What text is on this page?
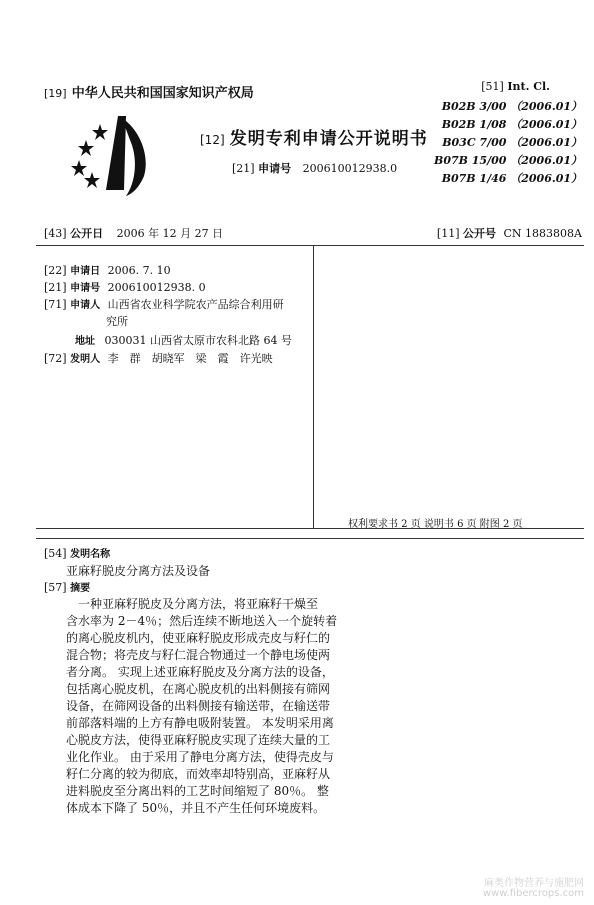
[19] 中华人民共和国国家知识产权局
[12] 发明专利申请公开说明书
[21] 申请号 200610012938.0
[51] Int. Cl.
B02B 3/00 （2006.01）
B02B 1/08 （2006.01）
B03C 7/00 （2006.01）
B07B 15/00 （2006.01）
B07B 1/46 （2006.01）
[43] 公开日 2006 年 12 月 27 日	[11] 公开号 CN 1883808A
[22] 申请日 2006. 7. 10
[21] 申请号 200610012938. 0
[71] 申请人 山西省农业科学院农产品综合利用研
究所
地址 030031 山西省太原市农科北路 64 号
[72] 发明人 李　群　胡晓军　梁　霞　许光映
权利要求书 2 页 说明书 6 页 附图 2 页
[54] 发明名称
亚麻籽脱皮分离方法及设备
[57] 摘要
　一种亚麻籽脱皮及分离方法，将亚麻籽干燥至
含水率为 2－4％；然后连续不断地送入一个旋转着
的离心脱皮机内，使亚麻籽脱皮形成壳皮与籽仁的
混合物；将壳皮与籽仁混合物通过一个静电场使两
者分离。 实现上述亚麻籽脱皮及分离方法的设备，
包括离心脱皮机，在离心脱皮机的出料侧接有筛网
设备，在筛网设备的出料侧接有输送带，在输送带
前部落料端的上方有静电吸附装置。 本发明采用离
心脱皮方法，使得亚麻籽脱皮实现了连续大量的工
业化作业。 由于采用了静电分离方法，使得壳皮与
籽仁分离的较为彻底，而效率却特别高，亚麻籽从
进料脱皮至分离出料的工艺时间缩短了 80％。 整
体成本下降了 50％，并且不产生任何环境废料。
麻类作物营养与施肥网
www.fibercrops.com
